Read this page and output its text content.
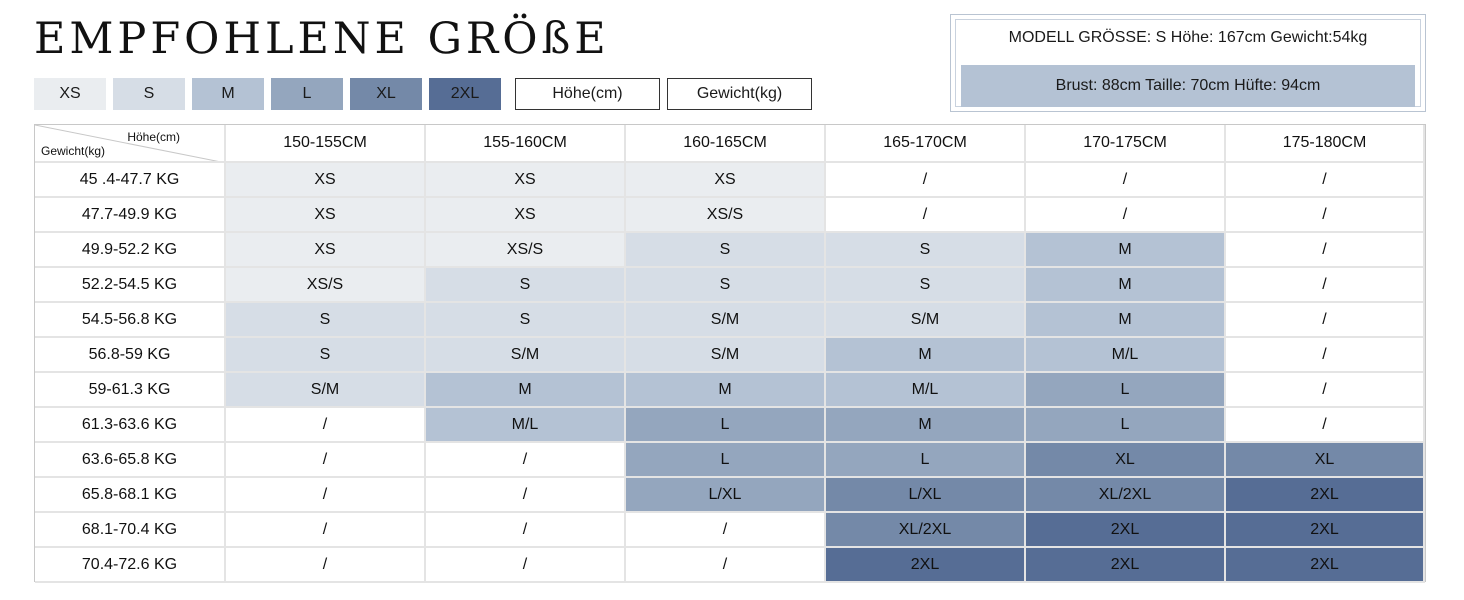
EMPFOHLENE GRÖßE
XS	S	M	L	XL	2XL	Höhe(cm)	Gewicht(kg)
MODELL GRÖSSE: S Höhe: 167cm Gewicht:54kg
Brust: 88cm Taille: 70cm Hüfte: 94cm
Höhe(cm)
Gewicht(kg)	150-155CM	155-160CM	160-165CM	165-170CM	170-175CM	175-180CM
45 .4-47.7 KG	XS	XS	XS	/	/	/
47.7-49.9 KG	XS	XS	XS/S	/	/	/
49.9-52.2 KG	XS	XS/S	S	S	M	/
52.2-54.5 KG	XS/S	S	S	S	M	/
54.5-56.8 KG	S	S	S/M	S/M	M	/
56.8-59 KG	S	S/M	S/M	M	M/L	/
59-61.3 KG	S/M	M	M	M/L	L	/
61.3-63.6 KG	/	M/L	L	M	L	/
63.6-65.8 KG	/	/	L	L	XL	XL
65.8-68.1 KG	/	/	L/XL	L/XL	XL/2XL	2XL
68.1-70.4 KG	/	/	/	XL/2XL	2XL	2XL
70.4-72.6 KG	/	/	/	2XL	2XL	2XL
